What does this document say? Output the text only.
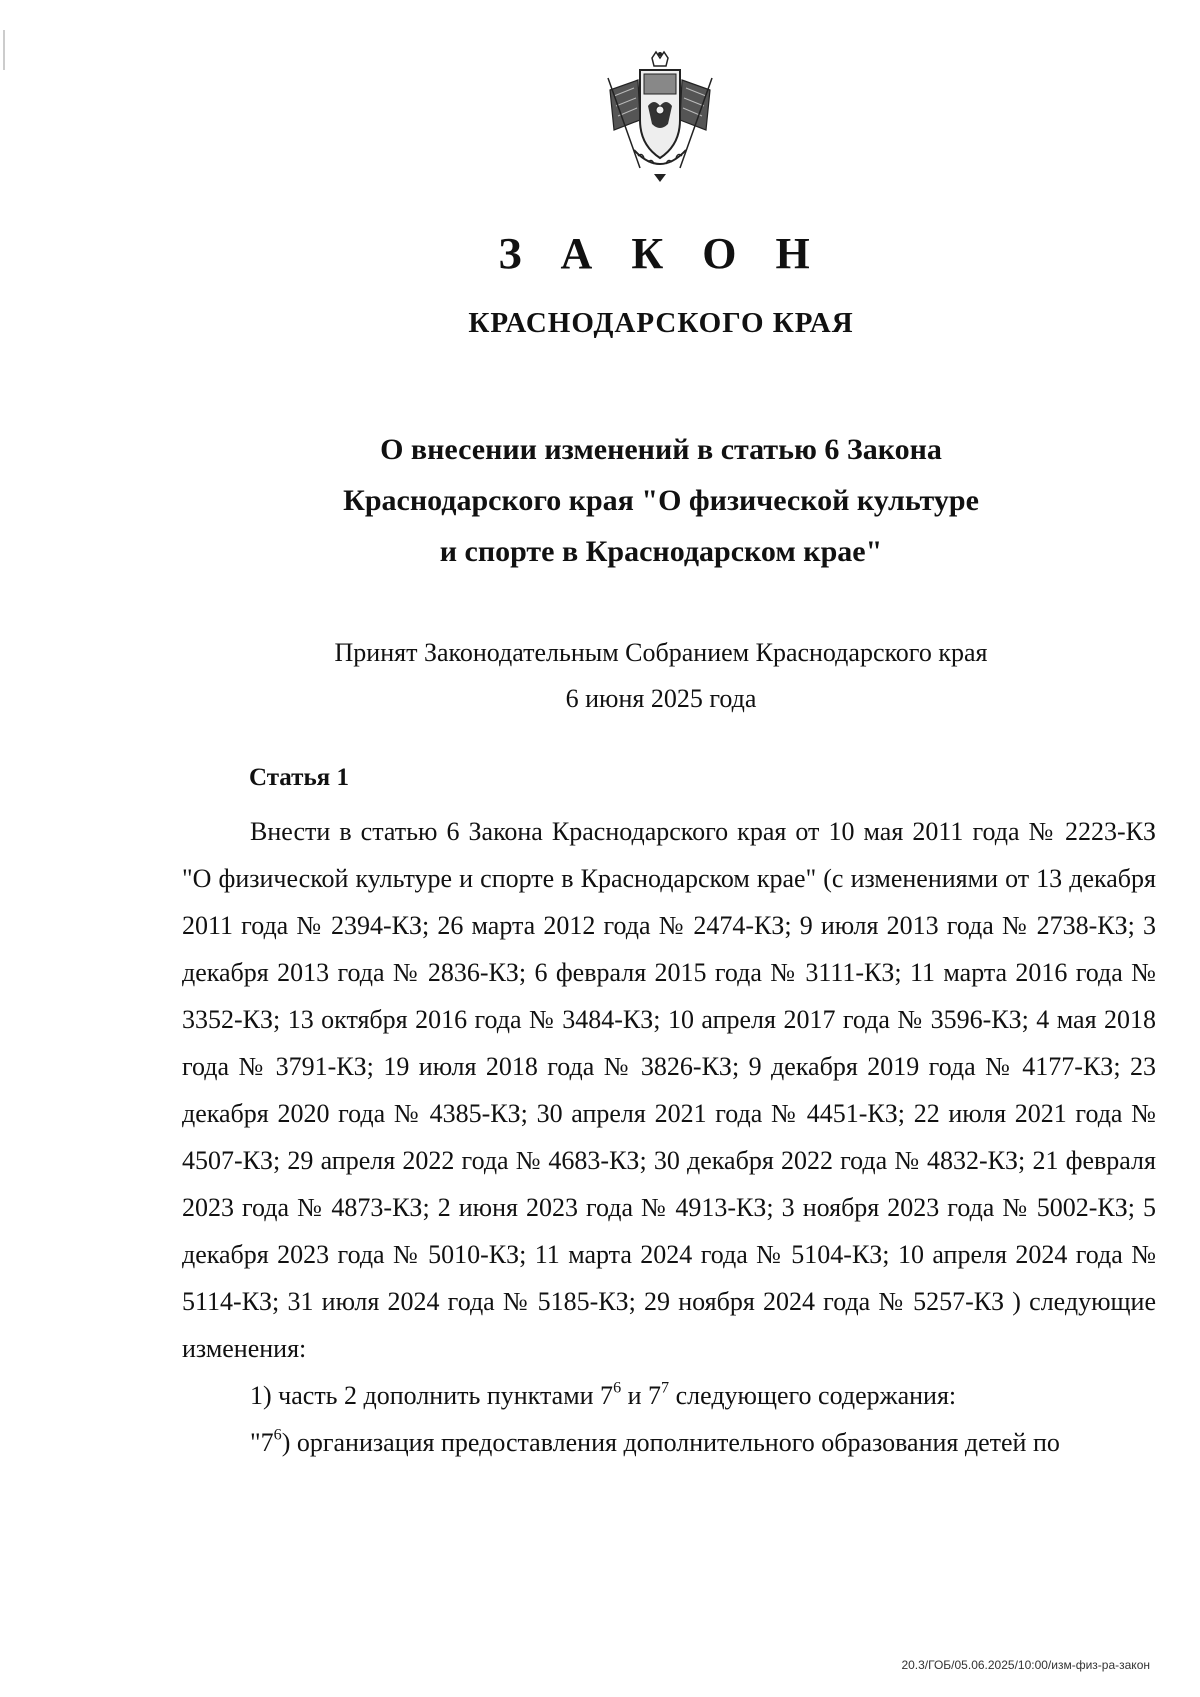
З А К О Н
КРАСНОДАРСКОГО КРАЯ
О внесении изменений в статью 6 Закона
Краснодарского края "О физической культуре
и спорте в Краснодарском крае"
Принят Законодательным Собранием Краснодарского края
6 июня 2025 года
Статья 1

Внести в статью 6 Закона Краснодарского края от 10 мая 2011 года № 2223-КЗ "О физической культуре и спорте в Краснодарском крае" (с изменениями от 13 декабря 2011 года № 2394-КЗ; 26 марта 2012 года № 2474-КЗ; 9 июля 2013 года № 2738-КЗ; 3 декабря 2013 года № 2836-КЗ; 6 февраля 2015 года № 3111-КЗ; 11 марта 2016 года № 3352-КЗ; 13 октября 2016 года № 3484-КЗ; 10 апреля 2017 года № 3596-КЗ; 4 мая 2018 года № 3791-КЗ; 19 июля 2018 года № 3826-КЗ; 9 декабря 2019 года № 4177-КЗ; 23 декабря 2020 года № 4385-КЗ; 30 апреля 2021 года № 4451-КЗ; 22 июля 2021 года № 4507-КЗ; 29 апреля 2022 года № 4683-КЗ; 30 декабря 2022 года № 4832-КЗ; 21 февраля 2023 года № 4873-КЗ; 2 июня 2023 года № 4913-КЗ; 3 ноября 2023 года № 5002-КЗ; 5 декабря 2023 года № 5010-КЗ; 11 марта 2024 года № 5104-КЗ; 10 апреля 2024 года № 5114-КЗ; 31 июля 2024 года № 5185-КЗ; 29 ноября 2024 года № 5257-КЗ ) следующие изменения:

1) часть 2 дополнить пунктами $7^6$ и $7^7$ следующего содержания:

"$7^6$) организация предоставления дополнительного образования детей по

20.3/ГОБ/05.06.2025/10:00/изм-физ-ра-закон
